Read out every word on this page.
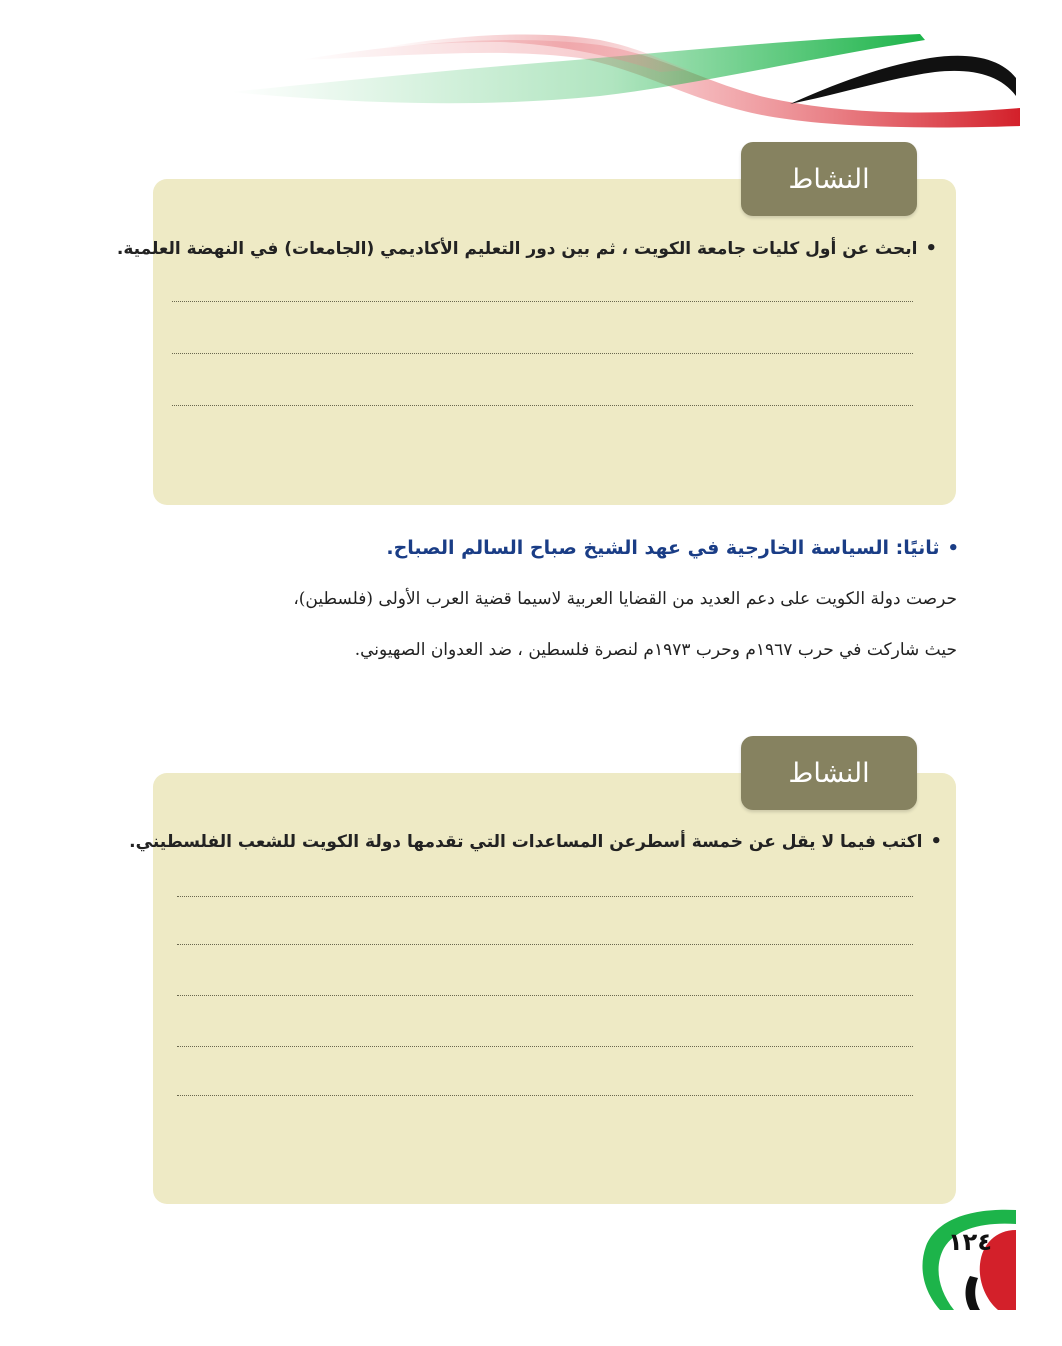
النشاط
•ابحث عن أول كليات جامعة الكويت ، ثم بين دور التعليم الأكاديمي (الجامعات) في النهضة العلمية.
•ثانيًا: السياسة الخارجية في عهد الشيخ صباح السالم الصباح.
حرصت دولة الكويت على دعم العديد من القضايا العربية لاسيما قضية العرب الأولى (فلسطين)،
حيث شاركت في حرب ١٩٦٧م وحرب ١٩٧٣م لنصرة فلسطين ، ضد العدوان الصهيوني.
النشاط
•اكتب فيما لا يقل عن خمسة أسطرعن المساعدات التي تقدمها دولة الكويت للشعب الفلسطيني.
١٢٤
